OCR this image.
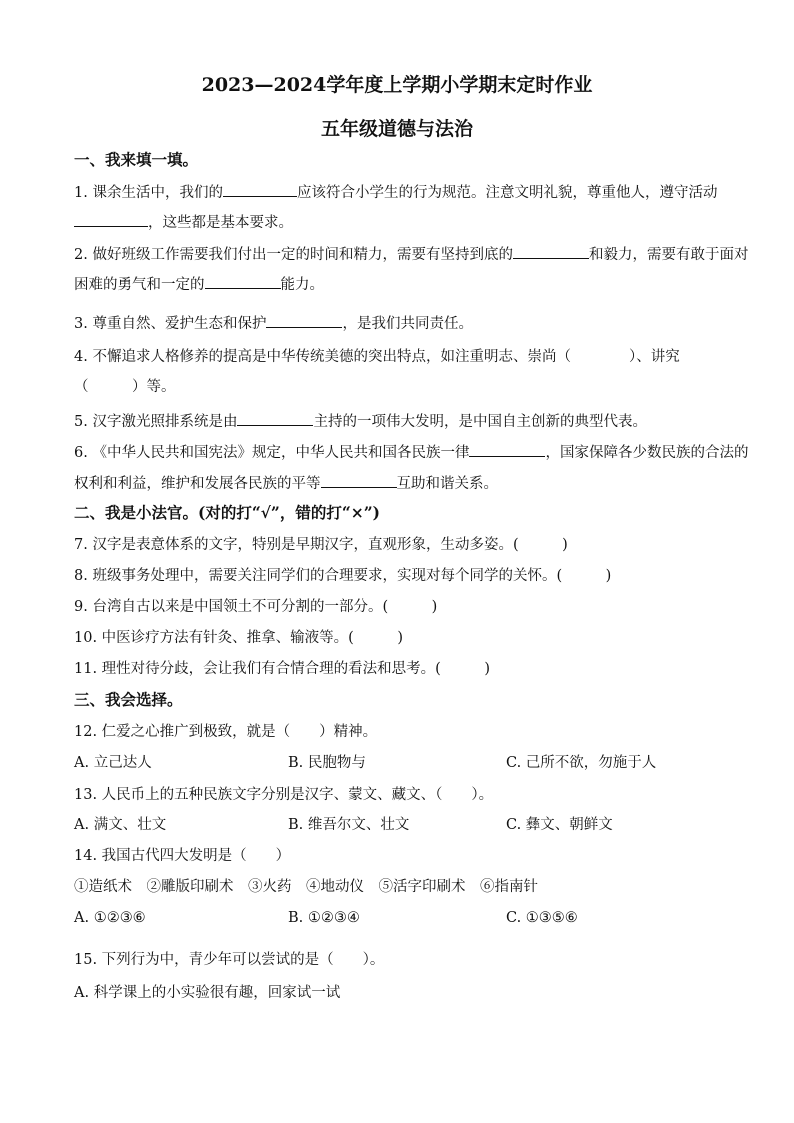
2023—2024学年度上学期小学期末定时作业
五年级道德与法治
一、我来填一填。
1. 课余生活中，我们的	应该符合小学生的行为规范。注意文明礼貌，尊重他人，遵守活动
，这些都是基本要求。
2. 做好班级工作需要我们付出一定的时间和精力，需要有坚持到底的	和毅力，需要有敢于面对
困难的勇气和一定的	能力。
3. 尊重自然、爱护生态和保护	，是我们共同责任。
4. 不懈追求人格修养的提高是中华传统美德的突出特点，如注重明志、崇尚（　　　　）、讲究
（　　　）等。
5. 汉字激光照排系统是由	主持的一项伟大发明，是中国自主创新的典型代表。
6. 《中华人民共和国宪法》规定，中华人民共和国各民族一律	，国家保障各少数民族的合法的
权利和利益，维护和发展各民族的平等	互助和谐关系。
二、我是小法官。(对的打“√”，错的打“×”)
7. 汉字是表意体系的文字，特别是早期汉字，直观形象，生动多姿。(　　　)
8. 班级事务处理中，需要关注同学们的合理要求，实现对每个同学的关怀。(　　　)
9. 台湾自古以来是中国领土不可分割的一部分。(　　　)
10. 中医诊疗方法有针灸、推拿、输液等。(　　　)
11. 理性对待分歧，会让我们有合情合理的看法和思考。(　　　)
三、我会选择。
12. 仁爱之心推广到极致，就是（　　）精神。
A. 立己达人	B. 民胞物与	C. 己所不欲，勿施于人
13. 人民币上的五种民族文字分别是汉字、蒙文、藏文、（　　）。
A. 满文、壮文	B. 维吾尔文、壮文	C. 彝文、朝鲜文
14. 我国古代四大发明是（　　）
①造纸术　②雕版印刷术　③火药　④地动仪　⑤活字印刷术　⑥指南针
A. ①②③⑥	B. ①②③④	C. ①③⑤⑥
15. 下列行为中，青少年可以尝试的是（　　）。
A. 科学课上的小实验很有趣，回家试一试
